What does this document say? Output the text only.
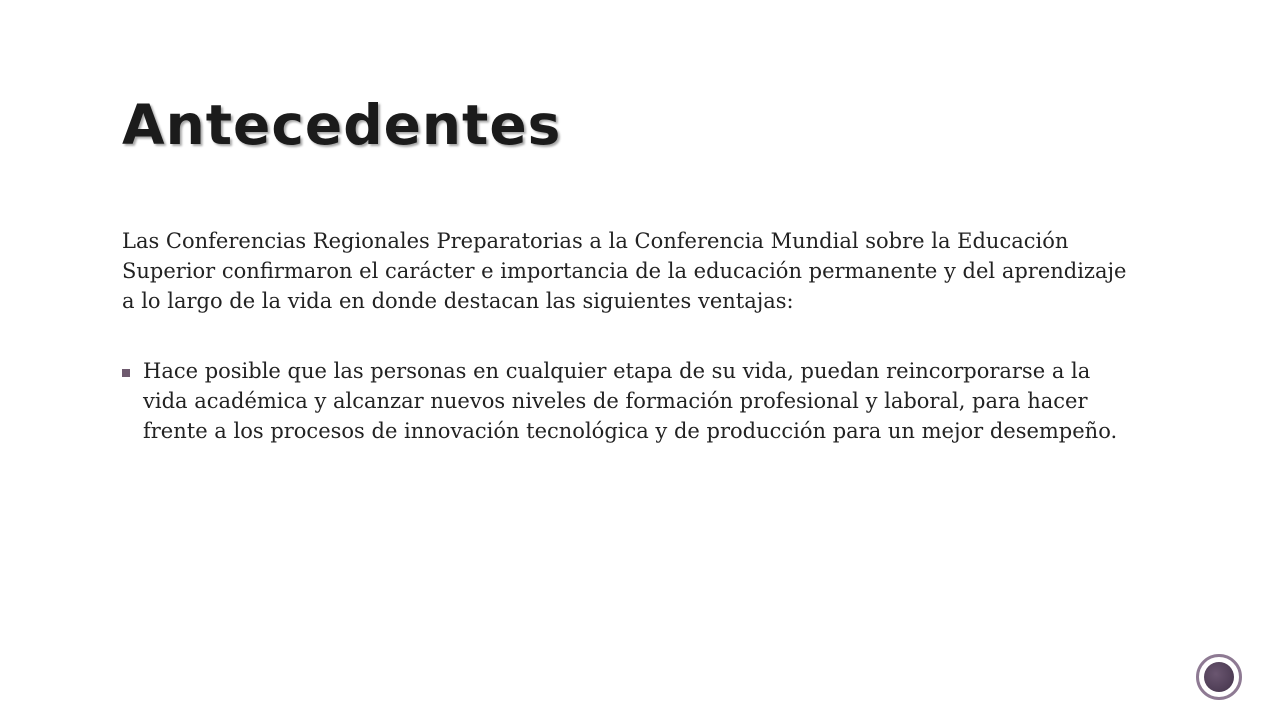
Antecedentes

Las Conferencias Regionales Preparatorias a la Conferencia Mundial sobre la Educación Superior confirmaron el carácter e importancia de la educación permanente y del aprendizaje a lo largo de la vida en donde destacan las siguientes ventajas:

Hace posible que las personas en cualquier etapa de su vida, puedan reincorporarse a la vida académica y alcanzar nuevos niveles de formación profesional y laboral, para hacer frente a los procesos de innovación tecnológica y de producción para un mejor desempeño.
